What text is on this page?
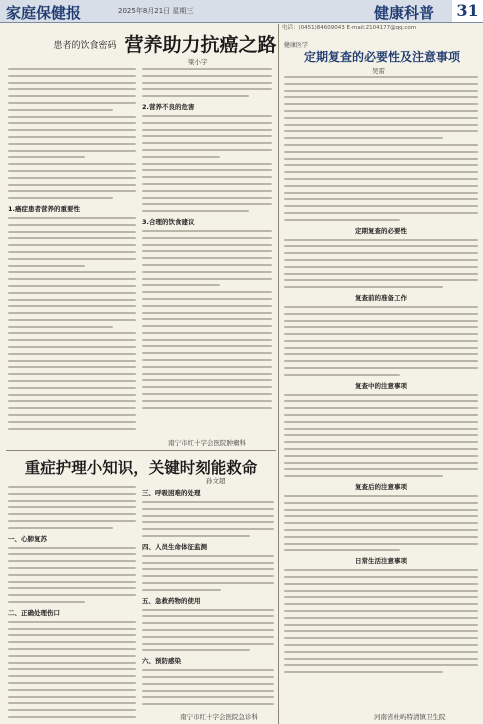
家庭保健报	2025年8月21日 星期三	健康科普 31
电话：(0451)84609043 E-mail:2104177@qq.com
患者的饮食密码 营养助力抗癌之路
梁小宇
1.癌症患者营养的重要性
2.营养不良的危害
3.合理的饮食建议
南宁市红十字会医院肿瘤科
健康医学
定期复查的必要性及注意事项
吴雷
定期复查的必要性
复查前的准备工作
复查中的注意事项
复查后的注意事项
日常生活注意事项
河南省杜屿特清镇卫生院
重症护理小知识，关键时刻能救命
孙文超
一、心肺复苏
二、正确处理伤口
三、呼吸困难的处理
四、人员生命体征监测
五、急救药物的使用
六、预防感染
南宁市红十字会医院急诊科
